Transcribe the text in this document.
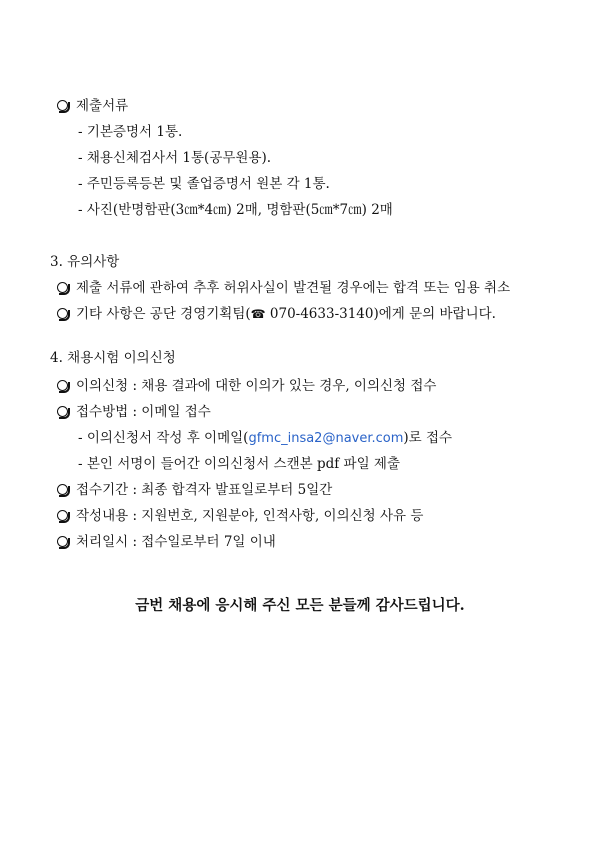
제출서류
- 기본증명서 1통.
- 채용신체검사서 1통(공무원용).
- 주민등록등본 및 졸업증명서 원본 각 1통.
- 사진(반명함판(3㎝*4㎝) 2매, 명함판(5㎝*7㎝) 2매
3. 유의사항
제출 서류에 관하여 추후 허위사실이 발견될 경우에는 합격 또는 임용 취소
기타 사항은 공단 경영기획팀(☎ 070-4633-3140)에게 문의 바랍니다.
4. 채용시험 이의신청
이의신청 : 채용 결과에 대한 이의가 있는 경우, 이의신청 접수
접수방법 : 이메일 접수
- 이의신청서 작성 후 이메일(gfmc_insa2@naver.com)로 접수
- 본인 서명이 들어간 이의신청서 스캔본 pdf 파일 제출
접수기간 : 최종 합격자 발표일로부터 5일간
작성내용 : 지원번호, 지원분야, 인적사항, 이의신청 사유 등
처리일시 : 접수일로부터 7일 이내
금번 채용에 응시해 주신 모든 분들께 감사드립니다.
